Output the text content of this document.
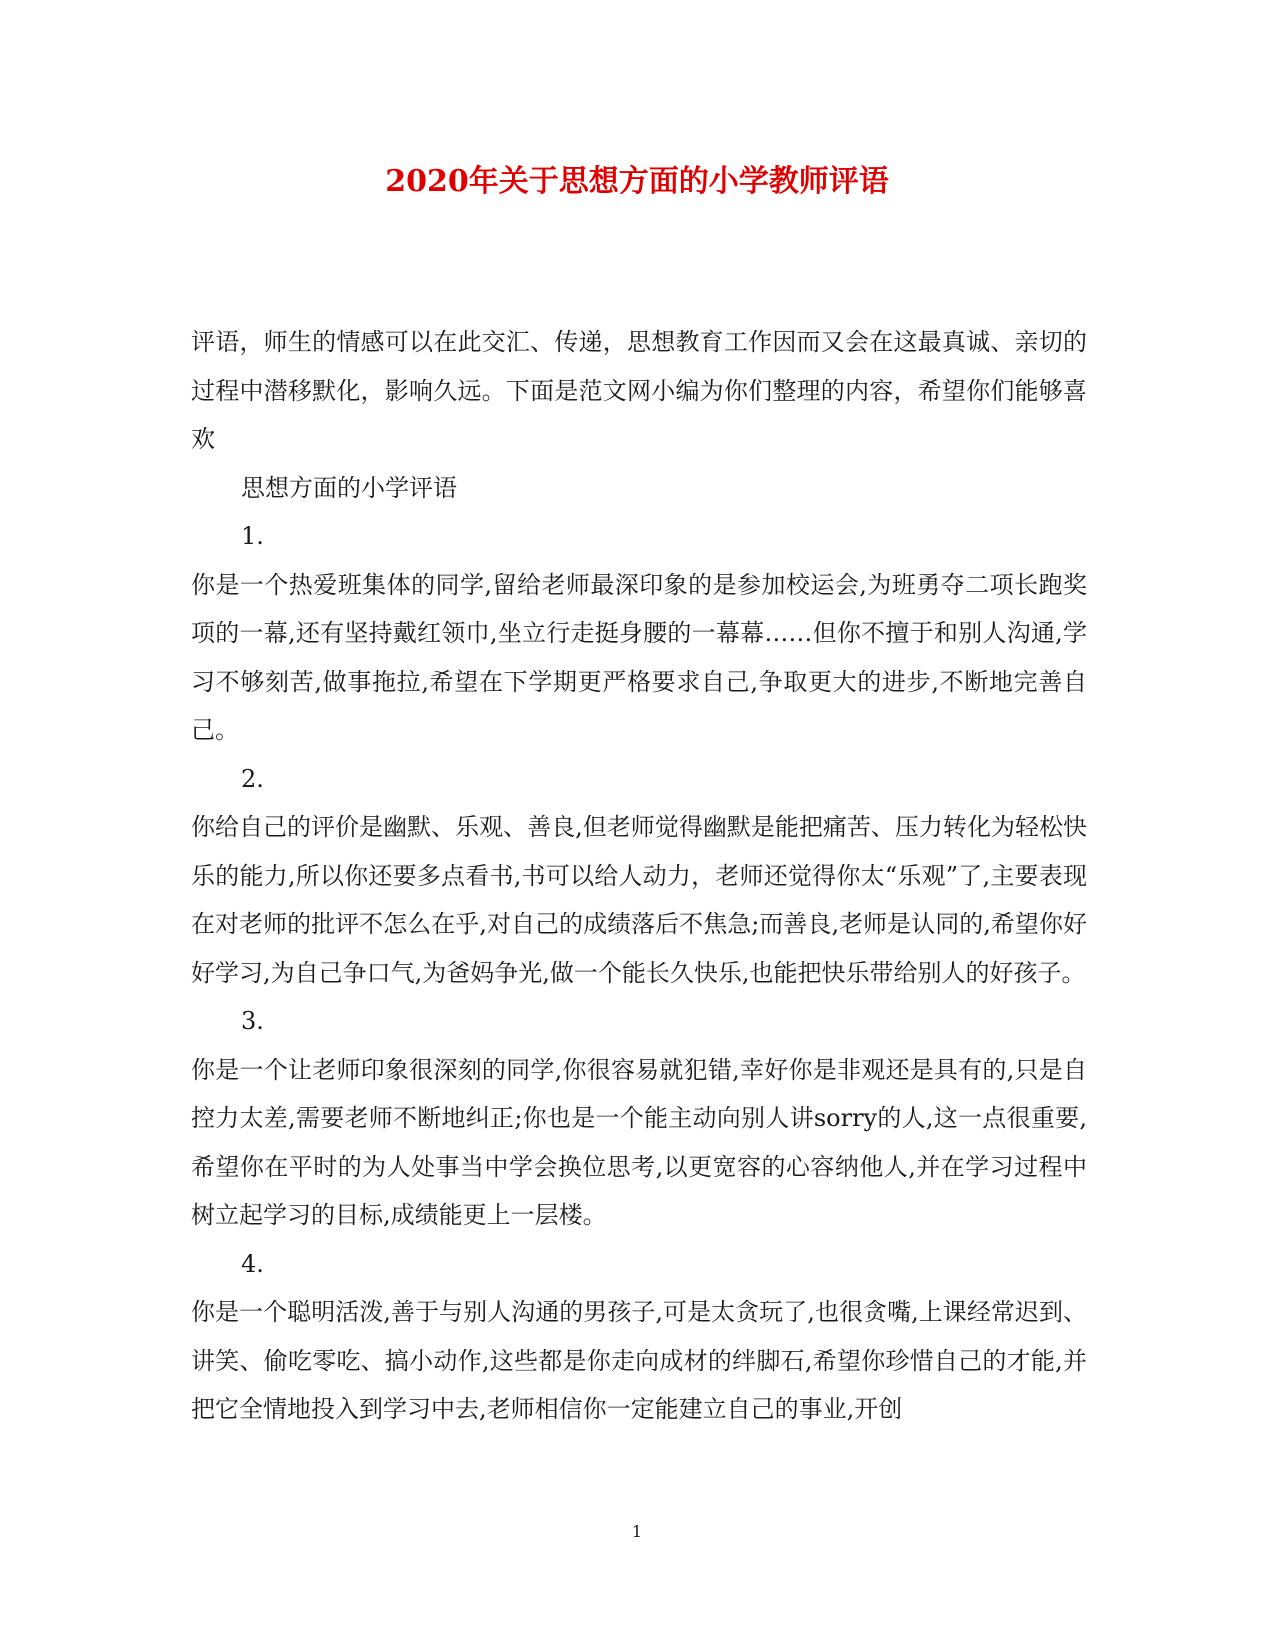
2020年关于思想方面的小学教师评语

评语，师生的情感可以在此交汇、传递，思想教育工作因而又会在这最真诚、亲切的过程中潜移默化，影响久远。下面是范文网小编为你们整理的内容，希望你们能够喜欢

思想方面的小学评语

1.

你是一个热爱班集体的同学,留给老师最深印象的是参加校运会,为班勇夺二项长跑奖项的一幕,还有坚持戴红领巾,坐立行走挺身腰的一幕幕……但你不擅于和别人沟通,学习不够刻苦,做事拖拉,希望在下学期更严格要求自己,争取更大的进步,不断地完善自己。

2.

你给自己的评价是幽默、乐观、善良,但老师觉得幽默是能把痛苦、压力转化为轻松快乐的能力,所以你还要多点看书,书可以给人动力，老师还觉得你太“乐观”了,主要表现在对老师的批评不怎么在乎,对自己的成绩落后不焦急;而善良,老师是认同的,希望你好好学习,为自己争口气,为爸妈争光,做一个能长久快乐,也能把快乐带给别人的好孩子。

3.

你是一个让老师印象很深刻的同学,你很容易就犯错,幸好你是非观还是具有的,只是自控力太差,需要老师不断地纠正;你也是一个能主动向别人讲sorry的人,这一点很重要,希望你在平时的为人处事当中学会换位思考,以更宽容的心容纳他人,并在学习过程中树立起学习的目标,成绩能更上一层楼。

4.

你是一个聪明活泼,善于与别人沟通的男孩子,可是太贪玩了,也很贪嘴,上课经常迟到、讲笑、偷吃零吃、搞小动作,这些都是你走向成材的绊脚石,希望你珍惜自己的才能,并把它全情地投入到学习中去,老师相信你一定能建立自己的事业,开创

1
